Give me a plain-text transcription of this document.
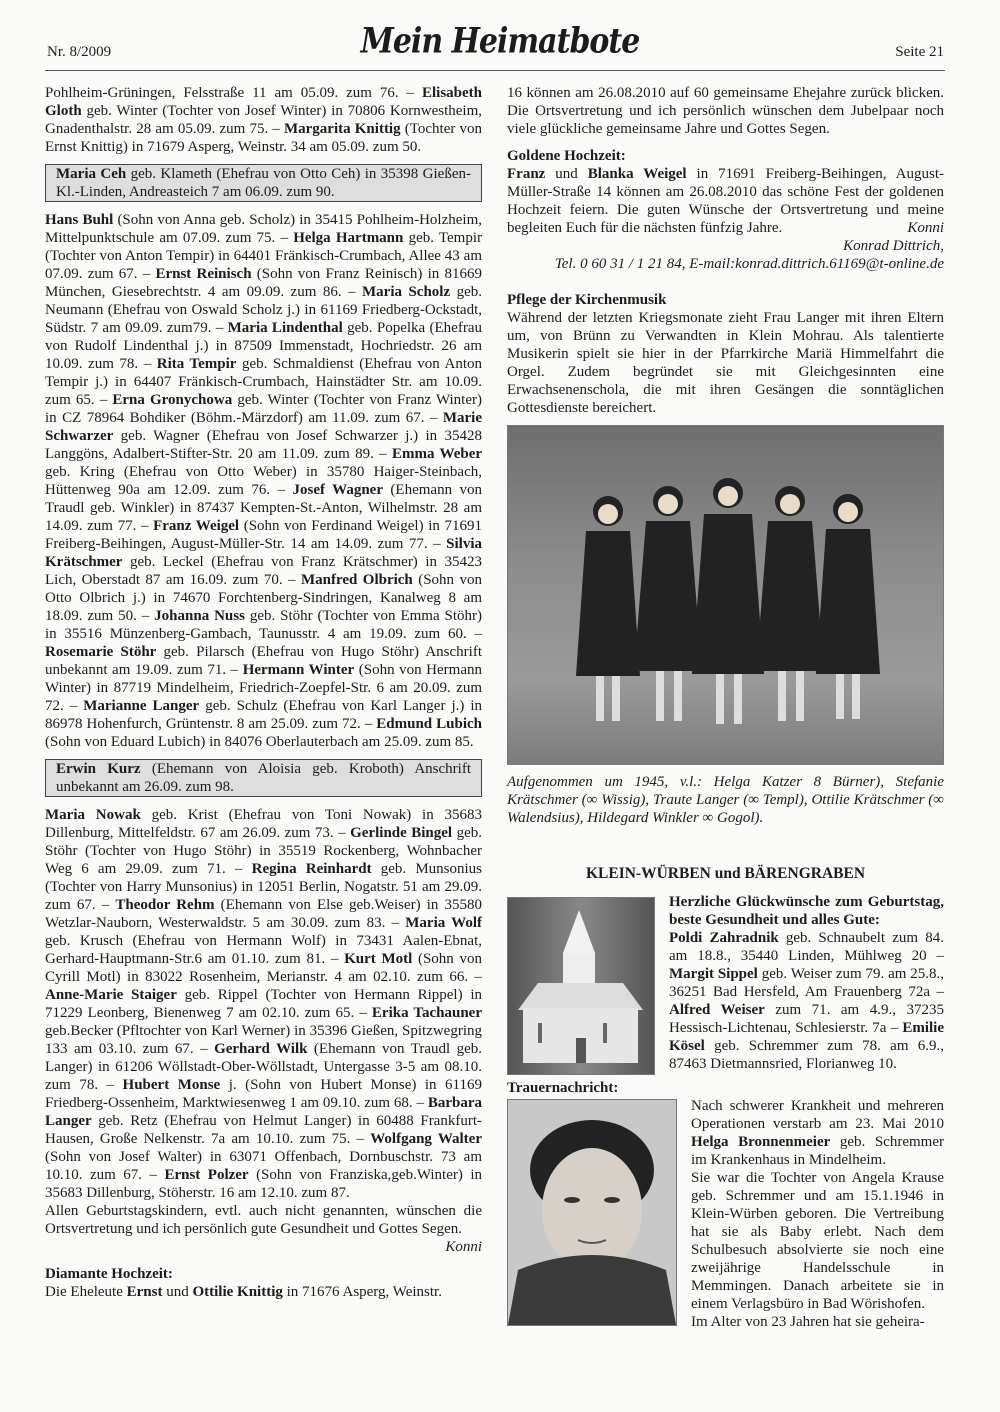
Nr. 8/2009	Mein Heimatbote	Seite 21

Pohlheim-Grüningen, Felsstraße 11 am 05.09. zum 76. – Elisabeth Gloth geb. Winter (Tochter von Josef Winter) in 70806 Kornwestheim, Gnadenthalstr. 28 am 05.09. zum 75. – Margarita Knittig (Tochter von Ernst Knittig) in 71679 Asperg, Weinstr. 34 am 05.09. zum 50.

Maria Ceh geb. Klameth (Ehefrau von Otto Ceh) in 35398 Gießen-Kl.-Linden, Andreasteich 7 am 06.09. zum 90.

Hans Buhl (Sohn von Anna geb. Scholz) in 35415 Pohlheim-Holzheim, Mittelpunktschule am 07.09. zum 75. – Helga Hartmann geb. Tempir (Tochter von Anton Tempir) in 64401 Fränkisch-Crumbach, Allee 43 am 07.09. zum 67. – Ernst Reinisch (Sohn von Franz Reinisch) in 81669 München, Giesebrechtstr. 4 am 09.09. zum 86. – Maria Scholz geb. Neumann (Ehefrau von Oswald Scholz j.) in 61169 Friedberg-Ockstadt, Südstr. 7 am 09.09. zum79. – Maria Lindenthal geb. Popelka (Ehefrau von Rudolf Lindenthal j.) in 87509 Immenstadt, Hochriedstr. 26 am 10.09. zum 78. – Rita Tempir geb. Schmaldienst (Ehefrau von Anton Tempir j.) in 64407 Fränkisch-Crumbach, Hainstädter Str. am 10.09. zum 65. – Erna Gronychowa geb. Winter (Tochter von Franz Winter) in CZ 78964 Bohdiker (Böhm.-Märzdorf) am 11.09. zum 67. – Marie Schwarzer geb. Wagner (Ehefrau von Josef Schwarzer j.) in 35428 Langgöns, Adalbert-Stifter-Str. 20 am 11.09. zum 89. – Emma Weber geb. Kring (Ehefrau von Otto Weber) in 35780 Haiger-Steinbach, Hüttenweg 90a am 12.09. zum 76. – Josef Wagner (Ehemann von Traudl geb. Winkler) in 87437 Kempten-St.-Anton, Wilhelmstr. 28 am 14.09. zum 77. – Franz Weigel (Sohn von Ferdinand Weigel) in 71691 Freiberg-Beihingen, August-Müller-Str. 14 am 14.09. zum 77. – Silvia Krätschmer geb. Leckel (Ehefrau von Franz Krätschmer) in 35423 Lich, Oberstadt 87 am 16.09. zum 70. – Manfred Olbrich (Sohn von Otto Olbrich j.) in 74670 Forchtenberg-Sindringen, Kanalweg 8 am 18.09. zum 50. – Johanna Nuss geb. Stöhr (Tochter von Emma Stöhr) in 35516 Münzenberg-Gambach, Taunusstr. 4 am 19.09. zum 60. – Rosemarie Stöhr geb. Pilarsch (Ehefrau von Hugo Stöhr) Anschrift unbekannt am 19.09. zum 71. – Hermann Winter (Sohn von Hermann Winter) in 87719 Mindelheim, Friedrich-Zoepfel-Str. 6 am 20.09. zum 72. – Marianne Langer geb. Schulz (Ehefrau von Karl Langer j.) in 86978 Hohenfurch, Grüntenstr. 8 am 25.09. zum 72. – Edmund Lubich (Sohn von Eduard Lubich) in 84076 Oberlauterbach am 25.09. zum 85.

Erwin Kurz (Ehemann von Aloisia geb. Kroboth) Anschrift unbekannt am 26.09. zum 98.

Maria Nowak geb. Krist (Ehefrau von Toni Nowak) in 35683 Dillenburg, Mittelfeldstr. 67 am 26.09. zum 73. – Gerlinde Bingel geb. Stöhr (Tochter von Hugo Stöhr) in 35519 Rockenberg, Wohnbacher Weg 6 am 29.09. zum 71. – Regina Reinhardt geb. Munsonius (Tochter von Harry Munsonius) in 12051 Berlin, Nogatstr. 51 am 29.09. zum 67. – Theodor Rehm (Ehemann von Else geb.Weiser) in 35580 Wetzlar-Nauborn, Westerwaldstr. 5 am 30.09. zum 83. – Maria Wolf geb. Krusch (Ehefrau von Hermann Wolf) in 73431 Aalen-Ebnat, Gerhard-Hauptmann-Str.6 am 01.10. zum 81. – Kurt Motl (Sohn von Cyrill Motl) in 83022 Rosenheim, Merianstr. 4 am 02.10. zum 66. – Anne-Marie Staiger geb. Rippel (Tochter von Hermann Rippel) in 71229 Leonberg, Bienenweg 7 am 02.10. zum 65. – Erika Tachauner geb.Becker (Pfltochter von Karl Werner) in 35396 Gießen, Spitzwegring 133 am 03.10. zum 67. – Gerhard Wilk (Ehemann von Traudl geb. Langer) in 61206 Wöllstadt-Ober-Wöllstadt, Untergasse 3-5 am 08.10. zum 78. – Hubert Monse j. (Sohn von Hubert Monse) in 61169 Friedberg-Ossenheim, Marktwiesenweg 1 am 09.10. zum 68. – Barbara Langer geb. Retz (Ehefrau von Helmut Langer) in 60488 Frankfurt-Hausen, Große Nelkenstr. 7a am 10.10. zum 75. – Wolfgang Walter (Sohn von Josef Walter) in 63071 Offenbach, Dornbuschstr. 73 am 10.10. zum 67. – Ernst Polzer (Sohn von Franziska,geb.Winter) in 35683 Dillenburg, Stöherstr. 16 am 12.10. zum 87.

Allen Geburtstagskindern, evtl. auch nicht genannten, wünschen die Ortsvertretung und ich persönlich gute Gesundheit und Gottes Segen.
Konni

Diamante Hochzeit:

Die Eheleute Ernst und Ottilie Knittig in 71676 Asperg, Weinstr.

16 können am 26.08.2010 auf 60 gemeinsame Ehejahre zurück blicken. Die Ortsvertretung und ich persönlich wünschen dem Jubelpaar noch viele glückliche gemeinsame Jahre und Gottes Segen.

Goldene Hochzeit:

Franz und Blanka Weigel in 71691 Freiberg-Beihingen, August-Müller-Straße 14 können am 26.08.2010 das schöne Fest der goldenen Hochzeit feiern. Die guten Wünsche der Ortsvertretung und meine begleiten Euch für die nächsten fünfzig Jahre.	Konni

Konrad Dittrich,
Tel. 0 60 31 / 1 21 84, E-mail:konrad.dittrich.61169@t-online.de

Pflege der Kirchenmusik

Während der letzten Kriegsmonate zieht Frau Langer mit ihren Eltern um, von Brünn zu Verwandten in Klein Mohrau. Als talentierte Musikerin spielt sie hier in der Pfarrkirche Mariä Himmelfahrt die Orgel. Zudem begründet sie mit Gleichgesinnten eine Erwachsenenschola, die mit ihren Gesängen die sonntäglichen Gottesdienste bereichert.

Aufgenommen um 1945, v.l.: Helga Katzer 8 Bürner), Stefanie Krätschmer (∞ Wissig), Traute Langer (∞ Templ), Ottilie Krätschmer (∞ Walendsius), Hildegard Winkler ∞ Gogol).

KLEIN-WÜRBEN und BÄRENGRABEN

Herzliche Glückwünsche zum Geburtstag, beste Gesundheit und alles Gute:

Poldi Zahradnik geb. Schnaubelt zum 84. am 18.8., 35440 Linden, Mühlweg 20 – Margit Sippel geb. Weiser zum 79. am 25.8., 36251 Bad Hersfeld, Am Frauenberg 72a – Alfred Weiser zum 71. am 4.9., 37235 Hessisch-Lichtenau, Schlesierstr. 7a – Emilie Kösel geb. Schremmer zum 78. am 6.9., 87463 Dietmannsried, Florianweg 10.

Trauernachricht:

Nach schwerer Krankheit und mehreren Operationen verstarb am 23. Mai 2010 Helga Bronnenmeier geb. Schremmer im Krankenhaus in Mindelheim.

Sie war die Tochter von Angela Krause geb. Schremmer und am 15.1.1946 in Klein-Würben geboren. Die Vertreibung hat sie als Baby erlebt. Nach dem Schulbesuch absolvierte sie noch eine zweijährige Handelsschule in Memmingen. Danach arbeitete sie in einem Verlagsbüro in Bad Wörishofen.

Im Alter von 23 Jahren hat sie geheira-
